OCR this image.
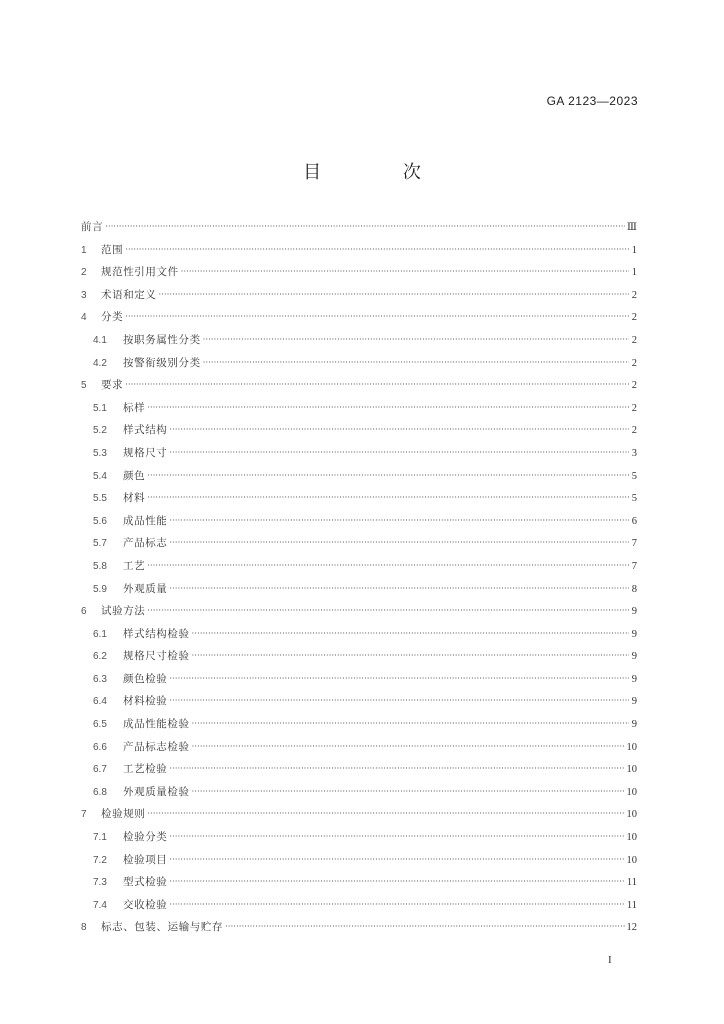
GA 2123—2023
目 次
前言 ·····	Ⅲ
1	范围 ·····	1
2	规范性引用文件 ·····	1
3	术语和定义 ·····	2
4	分类 ·····	2
4.1	按职务属性分类 ·····	2
4.2	按警衔级别分类 ·····	2
5	要求 ·····	2
5.1	标样 ·····	2
5.2	样式结构 ·····	2
5.3	规格尺寸 ·····	3
5.4	颜色 ·····	5
5.5	材料 ·····	5
5.6	成品性能 ·····	6
5.7	产品标志 ·····	7
5.8	工艺 ·····	7
5.9	外观质量 ·····	8
6	试验方法 ·····	9
6.1	样式结构检验 ·····	9
6.2	规格尺寸检验 ·····	9
6.3	颜色检验 ·····	9
6.4	材料检验 ·····	9
6.5	成品性能检验 ·····	9
6.6	产品标志检验 ·····	10
6.7	工艺检验 ·····	10
6.8	外观质量检验 ·····	10
7	检验规则 ·····	10
7.1	检验分类 ·····	10
7.2	检验项目 ·····	10
7.3	型式检验 ·····	11
7.4	交收检验 ·····	11
8	标志、包装、运输与贮存 ·····	12
I
